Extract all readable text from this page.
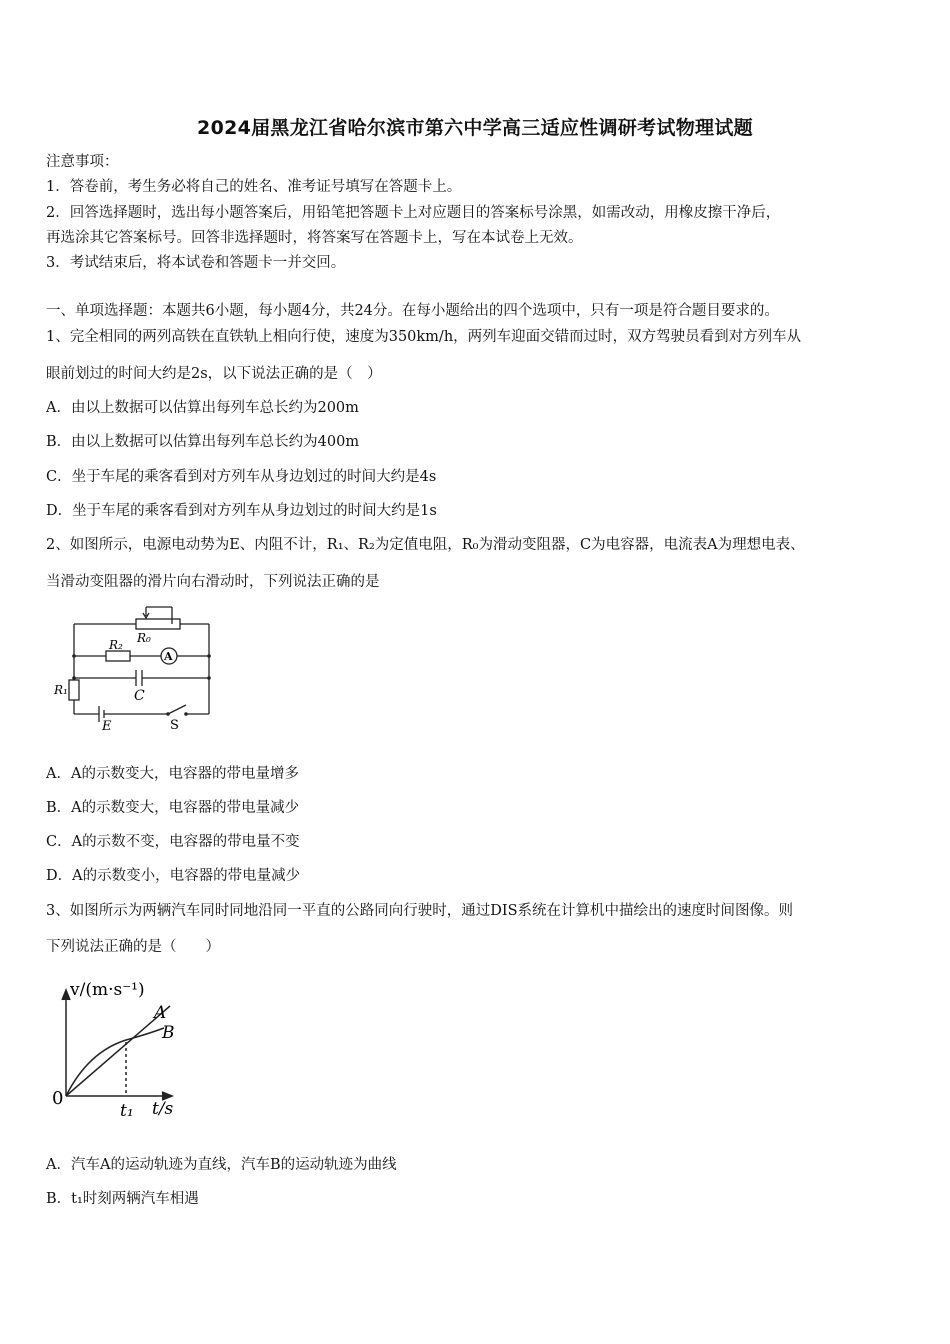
2024届黑龙江省哈尔滨市第六中学高三适应性调研考试物理试题
注意事项：
1．答卷前，考生务必将自己的姓名、准考证号填写在答题卡上。
2．回答选择题时，选出每小题答案后，用铅笔把答题卡上对应题目的答案标号涂黑，如需改动，用橡皮擦干净后，
再选涂其它答案标号。回答非选择题时，将答案写在答题卡上，写在本试卷上无效。
3．考试结束后，将本试卷和答题卡一并交回。
一、单项选择题：本题共6小题，每小题4分，共24分。在每小题给出的四个选项中，只有一项是符合题目要求的。
1、完全相同的两列高铁在直铁轨上相向行使，速度为350km/h，两列车迎面交错而过时，双方驾驶员看到对方列车从
眼前划过的时间大约是2s，以下说法正确的是（　）
A．由以上数据可以估算出每列车总长约为200m
B．由以上数据可以估算出每列车总长约为400m
C．坐于车尾的乘客看到对方列车从身边划过的时间大约是4s
D．坐于车尾的乘客看到对方列车从身边划过的时间大约是1s
2、如图所示，电源电动势为E、内阻不计，R₁、R₂为定值电阻，R₀为滑动变阻器，C为电容器，电流表A为理想电表、
当滑动变阻器的滑片向右滑动时，下列说法正确的是
R₀
R₂
A
C
R₁
E	S
A．A的示数变大，电容器的带电量增多
B．A的示数变大，电容器的带电量减少
C．A的示数不变，电容器的带电量不变
D．A的示数变小，电容器的带电量减少
3、如图所示为两辆汽车同时同地沿同一平直的公路同向行驶时，通过DIS系统在计算机中描绘出的速度时间图像。则
下列说法正确的是（　　）
v/(m·s⁻¹)
t/s
0
t₁
A
B
A．汽车A的运动轨迹为直线，汽车B的运动轨迹为曲线
B．t₁时刻两辆汽车相遇
